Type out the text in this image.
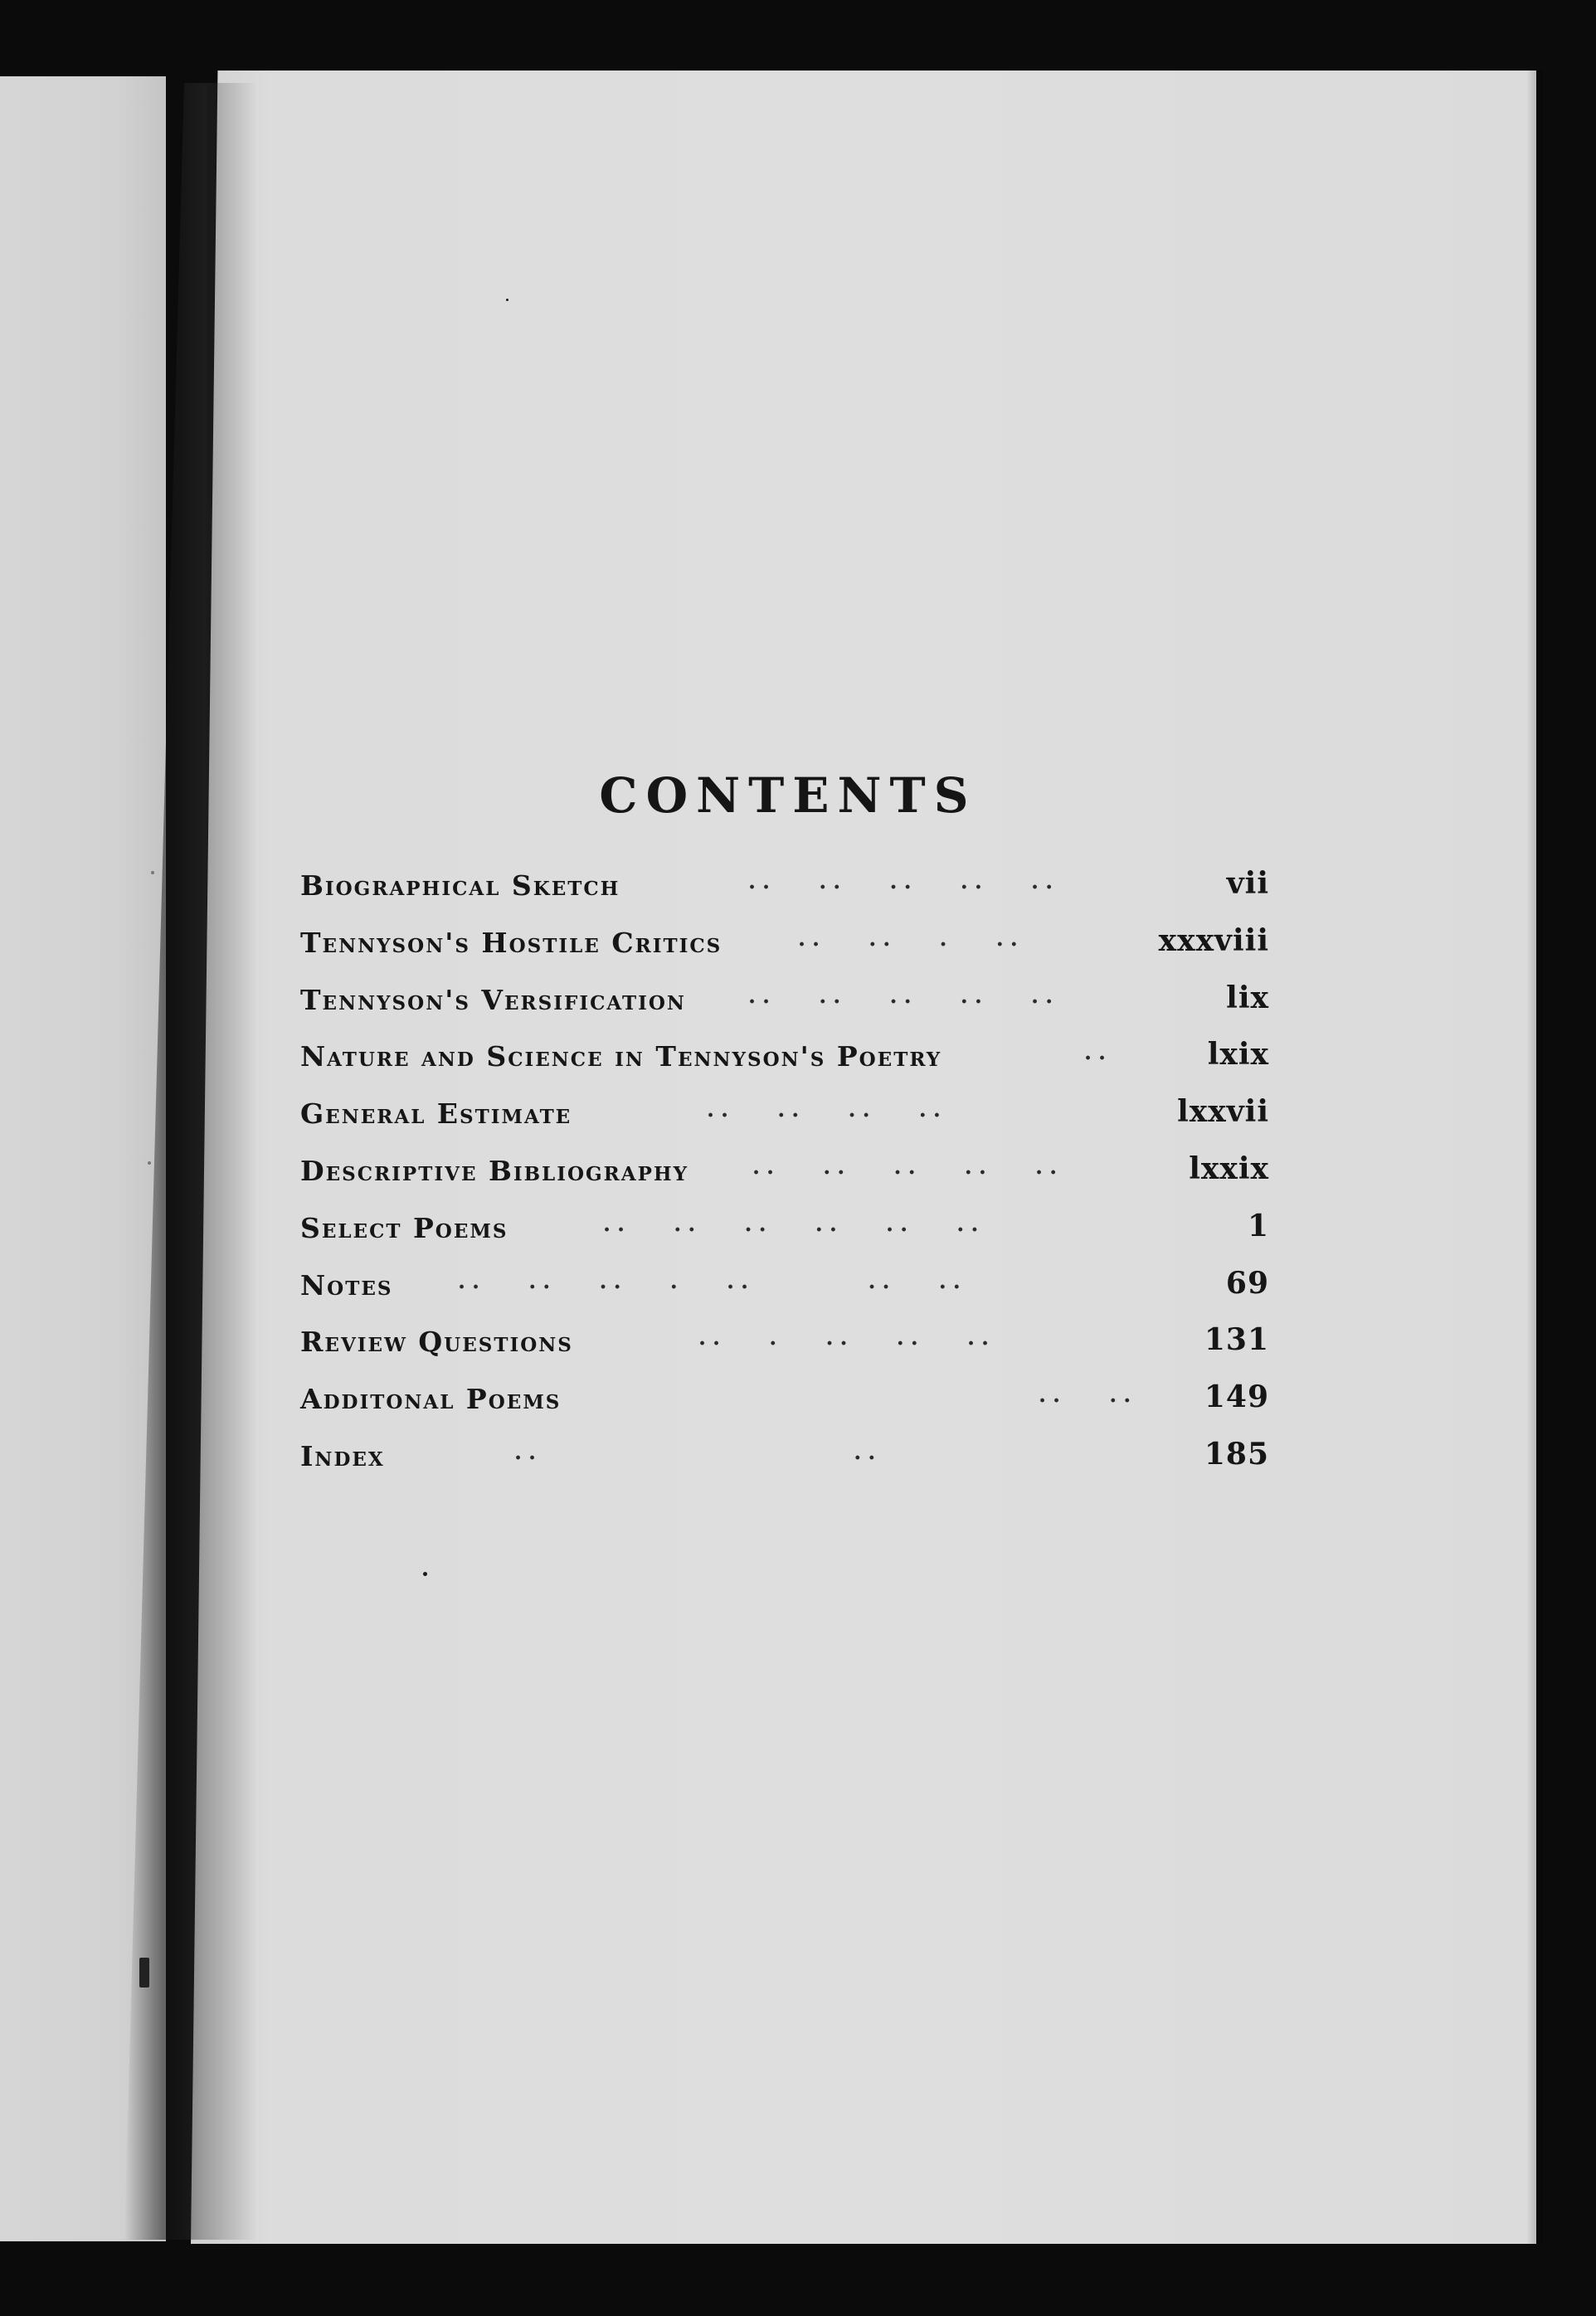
CONTENTS
Biographical Sketch	..   ..   ..   ..   ..	vii
Tennyson's Hostile Critics	..   ..   .   ..	xxxviii
Tennyson's Versification	..   ..   ..   ..   ..	lix
Nature and Science in Tennyson's Poetry	..	lxix
General Estimate	..   ..   ..   ..	lxxvii
Descriptive Bibliography	..   ..   ..   ..   ..	lxxix
Select Poems	..   ..   ..   ..   ..   ..	1
Notes	..   ..   ..   .   ..        ..   ..	69
Review Questions	..   .   ..   ..   ..	131
Additonal Poems	..   .. 149
Index	..                      ..	185
